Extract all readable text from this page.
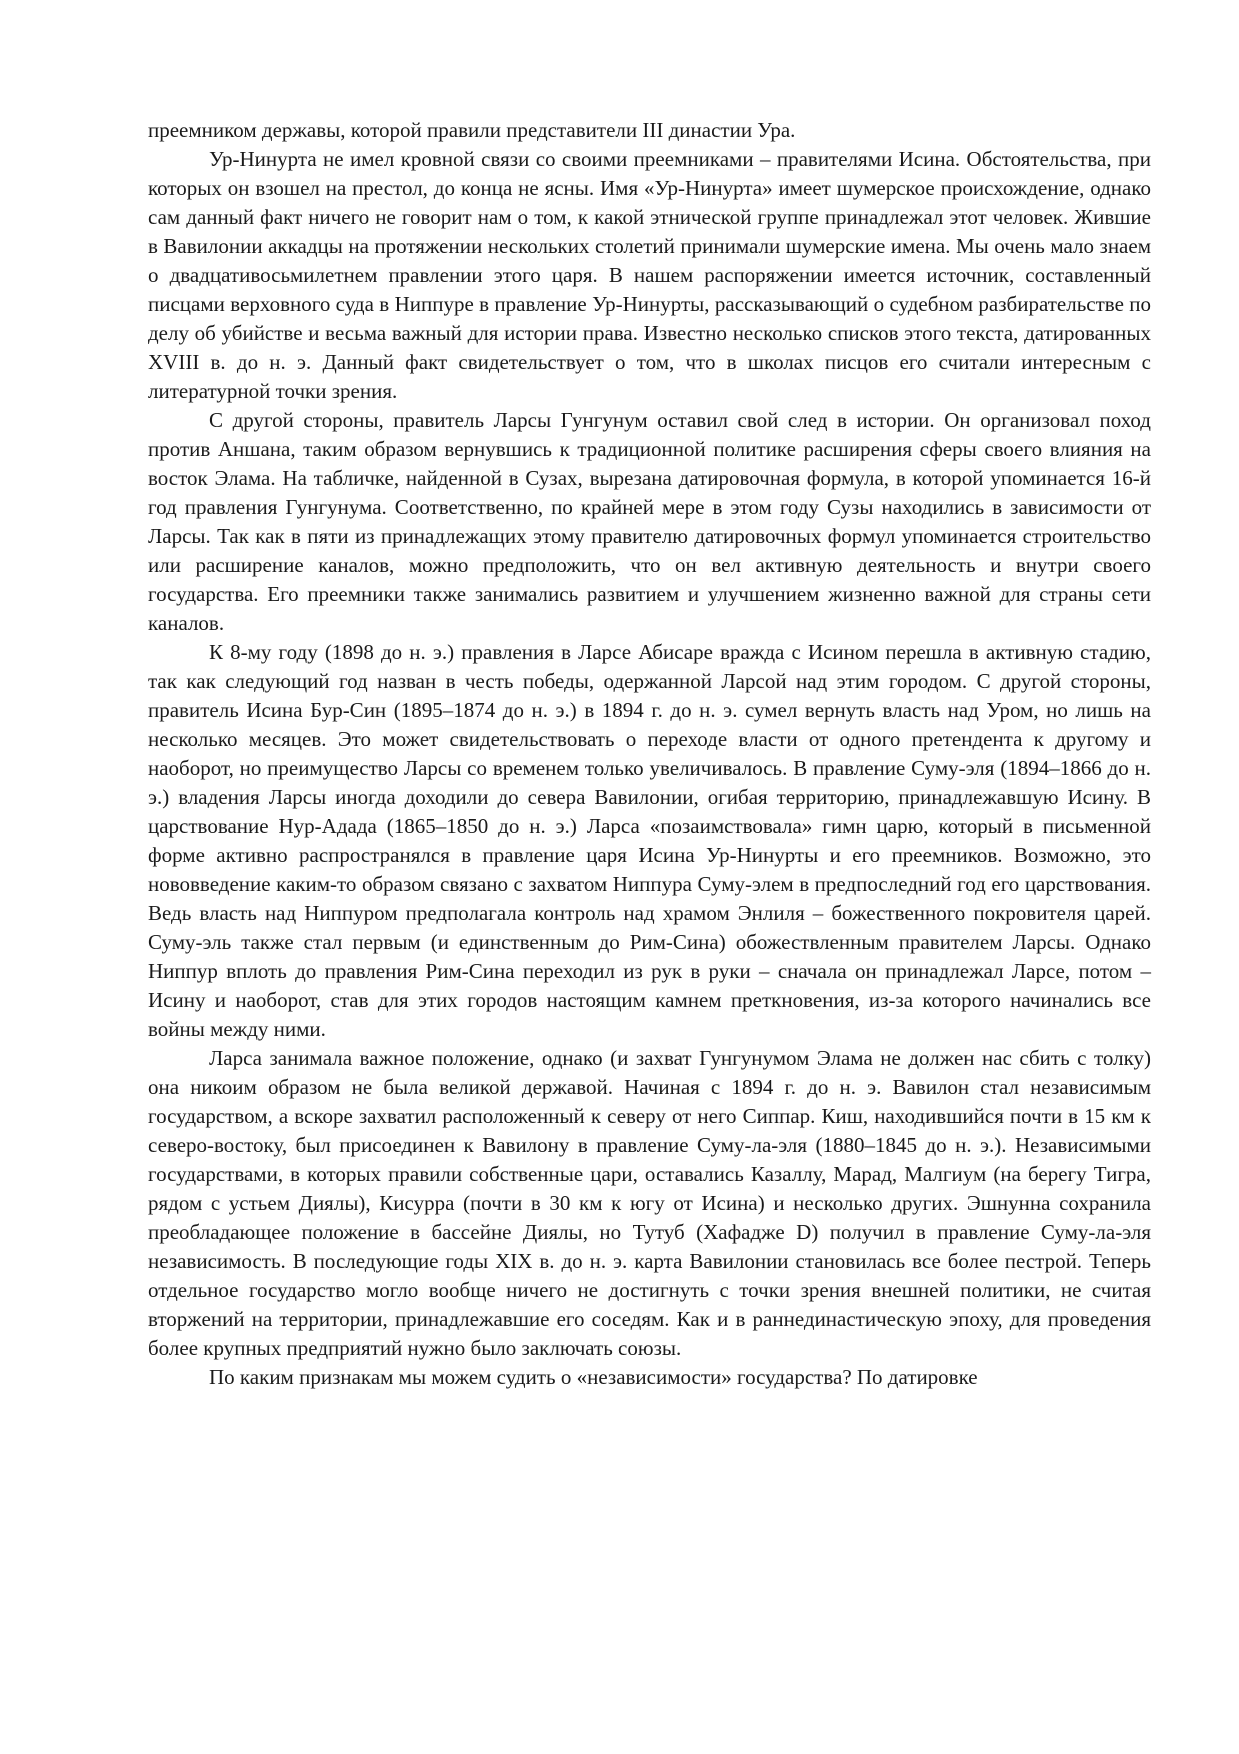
преемником державы, которой правили представители III династии Ура.

Ур-Нинурта не имел кровной связи со своими преемниками – правителями Исина. Обстоятельства, при которых он взошел на престол, до конца не ясны. Имя «Ур-Нинурта» имеет шумерское происхождение, однако сам данный факт ничего не говорит нам о том, к какой этнической группе принадлежал этот человек. Жившие в Вавилонии аккадцы на протяжении нескольких столетий принимали шумерские имена. Мы очень мало знаем о двадцативосьмилетнем правлении этого царя. В нашем распоряжении имеется источник, составленный писцами верховного суда в Ниппуре в правление Ур-Нинурты, рассказывающий о судебном разбирательстве по делу об убийстве и весьма важный для истории права. Известно несколько списков этого текста, датированных XVIII в. до н. э. Данный факт свидетельствует о том, что в школах писцов его считали интересным с литературной точки зрения.

С другой стороны, правитель Ларсы Гунгунум оставил свой след в истории. Он организовал поход против Аншана, таким образом вернувшись к традиционной политике расширения сферы своего влияния на восток Элама. На табличке, найденной в Сузах, вырезана датировочная формула, в которой упоминается 16-й год правления Гунгунума. Соответственно, по крайней мере в этом году Сузы находились в зависимости от Ларсы. Так как в пяти из принадлежащих этому правителю датировочных формул упоминается строительство или расширение каналов, можно предположить, что он вел активную деятельность и внутри своего государства. Его преемники также занимались развитием и улучшением жизненно важной для страны сети каналов.

К 8-му году (1898 до н. э.) правления в Ларсе Абисаре вражда с Исином перешла в активную стадию, так как следующий год назван в честь победы, одержанной Ларсой над этим городом. С другой стороны, правитель Исина Бур-Син (1895–1874 до н. э.) в 1894 г. до н. э. сумел вернуть власть над Уром, но лишь на несколько месяцев. Это может свидетельствовать о переходе власти от одного претендента к другому и наоборот, но преимущество Ларсы со временем только увеличивалось. В правление Суму-эля (1894–1866 до н. э.) владения Ларсы иногда доходили до севера Вавилонии, огибая территорию, принадлежавшую Исину. В царствование Нур-Адада (1865–1850 до н. э.) Ларса «позаимствовала» гимн царю, который в письменной форме активно распространялся в правление царя Исина Ур-Нинурты и его преемников. Возможно, это нововведение каким-то образом связано с захватом Ниппура Суму-элем в предпоследний год его царствования. Ведь власть над Ниппуром предполагала контроль над храмом Энлиля – божественного покровителя царей. Суму-эль также стал первым (и единственным до Рим-Сина) обожествленным правителем Ларсы. Однако Ниппур вплоть до правления Рим-Сина переходил из рук в руки – сначала он принадлежал Ларсе, потом – Исину и наоборот, став для этих городов настоящим камнем преткновения, из-за которого начинались все войны между ними.

Ларса занимала важное положение, однако (и захват Гунгунумом Элама не должен нас сбить с толку) она никоим образом не была великой державой. Начиная с 1894 г. до н. э. Вавилон стал независимым государством, а вскоре захватил расположенный к северу от него Сиппар. Киш, находившийся почти в 15 км к северо-востоку, был присоединен к Вавилону в правление Суму-ла-эля (1880–1845 до н. э.). Независимыми государствами, в которых правили собственные цари, оставались Казаллу, Марад, Малгиум (на берегу Тигра, рядом с устьем Диялы), Кисурра (почти в 30 км к югу от Исина) и несколько других. Эшнунна сохранила преобладающее положение в бассейне Диялы, но Тутуб (Хафадже D) получил в правление Суму-ла-эля независимость. В последующие годы XIX в. до н. э. карта Вавилонии становилась все более пестрой. Теперь отдельное государство могло вообще ничего не достигнуть с точки зрения внешней политики, не считая вторжений на территории, принадлежавшие его соседям. Как и в раннединастическую эпоху, для проведения более крупных предприятий нужно было заключать союзы.

По каким признакам мы можем судить о «независимости» государства? По датировке
